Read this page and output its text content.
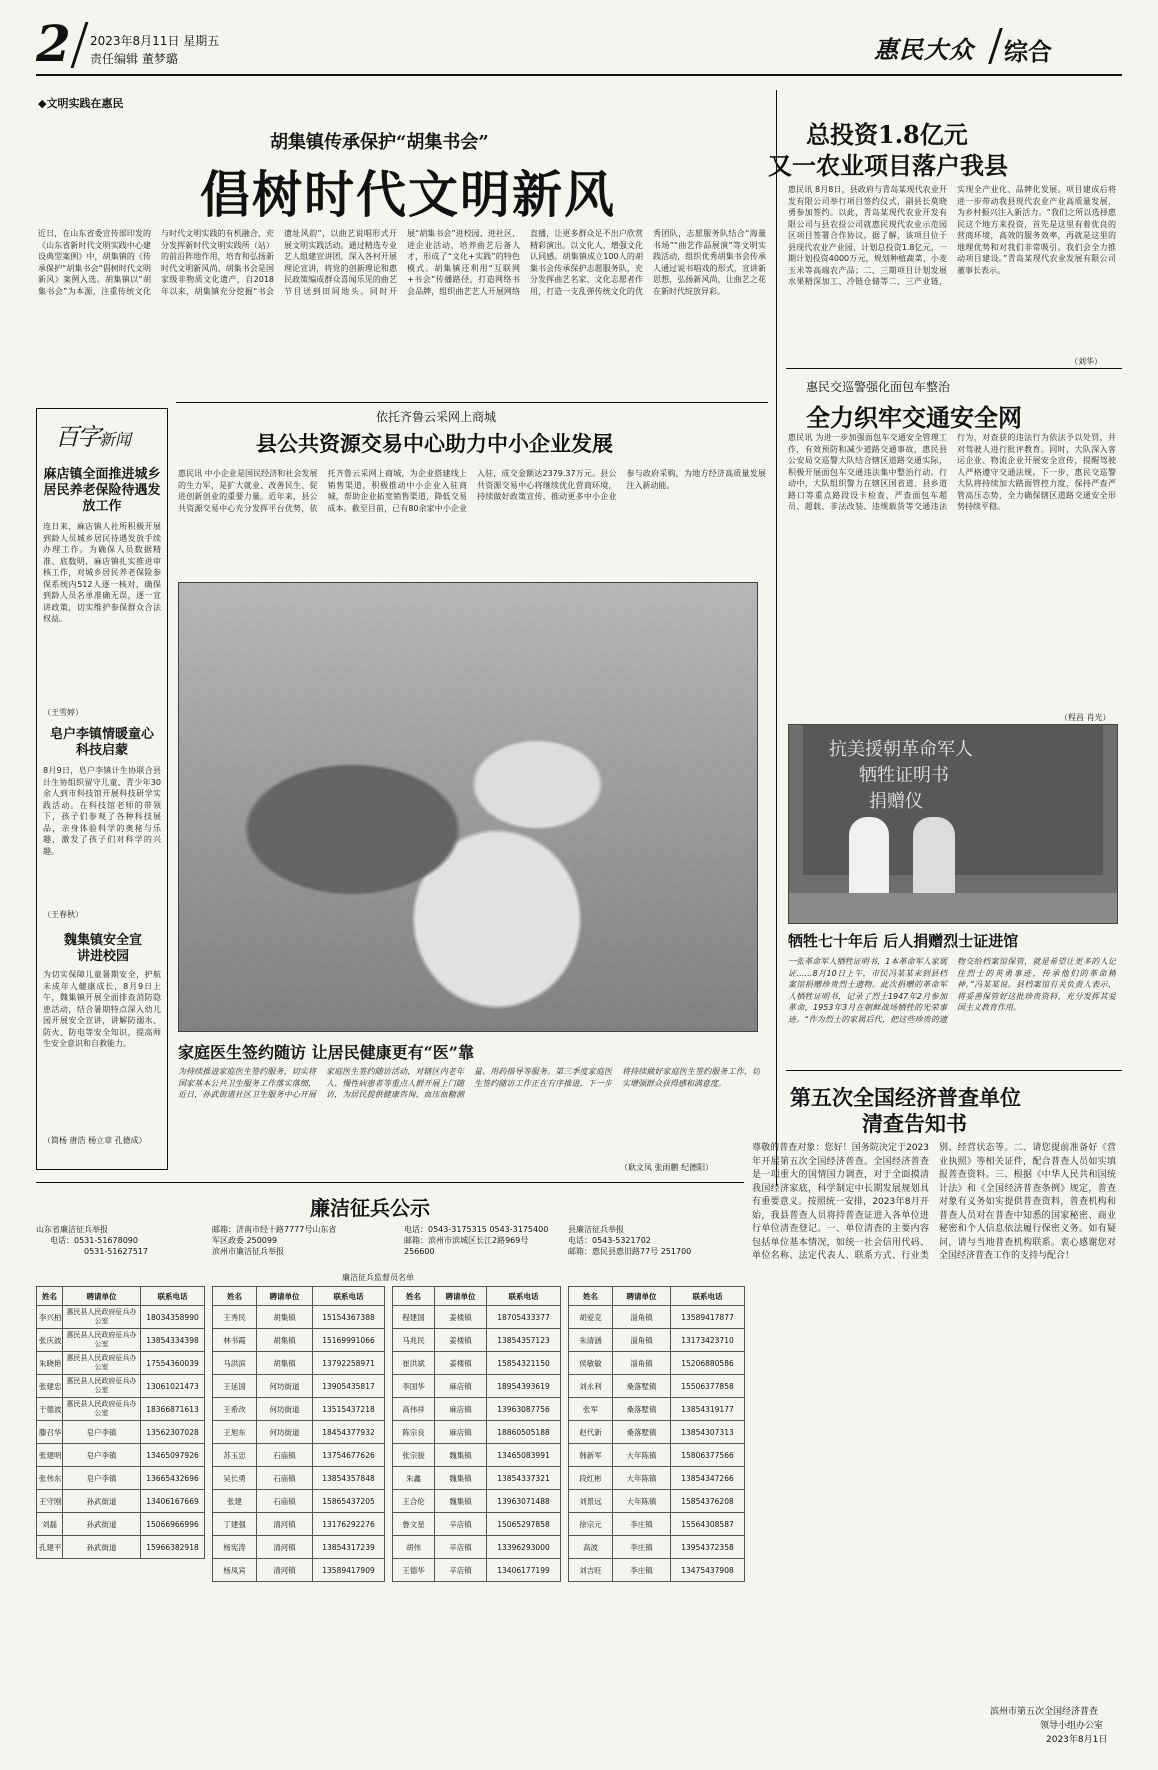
2 2023年8月11日 星期五
责任编辑 董梦璐	惠民大众 综合
◆文明实践在惠民
胡集镇传承保护“胡集书会”
倡树时代文明新风
近日，在山东省委宣传部印发的《山东省新时代文明实践中心建设典型案例》中，胡集镇的《传承保护“胡集书会”倡树时代文明新风》案例入选。胡集镇以“胡集书会”为本源，注重传统文化与时代文明实践的有机融合，充分发挥新时代文明实践所（站）的前沿阵地作用，培育和弘扬新时代文明新风尚。胡集书会是国家级非物质文化遗产，自2018年以来，胡集镇充分挖掘“书会遗址风韵”，以曲艺说唱形式开展文明实践活动。通过精选专业艺人组建宣讲团，深入各村开展理论宣讲，将党的创新理论和惠民政策编成群众喜闻乐见的曲艺节目送到田间地头。同时开展“胡集书会”进校园、进社区、进企业活动，培养曲艺后备人才，形成了“文化+实践”的特色模式。胡集镇还利用“互联网+书会”传播路径，打造网络书会品牌，组织曲艺艺人开展网络直播，让更多群众足不出户欣赏精彩演出。以文化人，增强文化认同感。胡集镇成立100人的胡集书会传承保护志愿服务队，充分发挥曲艺名家、文化志愿者作用，打造一支乱弹传统文化的优秀团队，志愿服务队结合“海量书场”“曲艺作品展演”等文明实践活动，组织优秀胡集书会传承人通过说书唱戏的形式，宣讲新思想，弘扬新风尚，让曲艺之花在新时代绽放异彩。
总投资1.8亿元
又一农业项目落户我县
惠民讯 8月8日，县政府与青岛某现代农业开发有限公司举行项目签约仪式，副县长莫晓勇参加签约。以此，青岛某现代农业开发有限公司与县农投公司就惠民现代农业示范园区项目签署合作协议。据了解，该项目位于县现代农业产业园，计划总投资1.8亿元，一期计划投资4000万元，规划种植蔬菜、小麦玉米等高端农产品；二、三期项目计划发展水果精深加工、冷链仓储等二、三产业链，实现全产业化、品牌化发展。项目建成后将进一步带动我县现代农业产业高质量发展，为乡村振兴注入新活力。“我们之所以选择惠民这个地方来投资，首先是这里有着优良的营商环境，高效的服务效率，再就是这里的地理优势和对我们非常吸引。我们会全力推动项目建设。”青岛某现代农业发展有限公司董事长表示。
（刘华）
百字新闻
麻店镇全面推进城乡居民养老保险待遇发放工作
连日来，麻店镇人社所积极开展到龄人员城乡居民待遇发放手续办理工作。为确保人员数据精准、底数明，麻店镇扎实推进审核工作，对城乡居民养老保险参保系统内512人逐一核对，确保到龄人员名单准确无误，逐一宣讲政策，切实维护参保群众合法权益。
（王雪婷）
皂户李镇情暖童心 科技启蒙
8月9日，皂户李镇计生协联合县计生协组织留守儿童、青少年30余人到市科技馆开展科技研学实践活动。在科技馆老师的带领下，孩子们参观了各种科技展品，亲身体验科学的奥秘与乐趣，激发了孩子们对科学的兴趣。
（王春秋）
魏集镇安全宣讲进校园
为切实保障儿童暑期安全，护航未成年人健康成长，8月9日上午，魏集镇开展全面排查消防隐患活动，结合暑期特点深入幼儿园开展安全宣讲，讲解防溺水、防火、防电等安全知识，提高师生安全意识和自救能力。
（简杨 唐浩 杨立章 孔德成）
依托齐鲁云采网上商城
县公共资源交易中心助力中小企业发展
惠民讯 中小企业是国民经济和社会发展的生力军，是扩大就业、改善民生、促进创新创业的重要力量。近年来，县公共资源交易中心充分发挥平台优势，依托齐鲁云采网上商城，为企业搭建线上销售渠道，积极推动中小企业入驻商城，帮助企业拓宽销售渠道，降低交易成本。截至目前，已有80余家中小企业入驻，成交金额达2379.37万元。县公共资源交易中心将继续优化营商环境，持续做好政策宣传，推动更多中小企业参与政府采购，为地方经济高质量发展注入新动能。
家庭医生签约随访 让居民健康更有“医”靠
为持续推进家庭医生签约服务，切实将国家基本公共卫生服务工作落实落细，近日，孙武街道社区卫生服务中心开展家庭医生签约随访活动，对辖区内老年人、慢性病患者等重点人群开展上门随访，为居民提供健康咨询、血压血糖测量、用药指导等服务。第三季度家庭医生签约随访工作正在有序推进，下一步将持续做好家庭医生签约服务工作，切实增强群众获得感和满意度。
（耿文凤 张雨鹏 纪德阳）
惠民交巡警强化面包车整治
全力织牢交通安全网
惠民讯 为进一步加强面包车交通安全管理工作，有效预防和减少道路交通事故，惠民县公安局交巡警大队结合辖区道路交通实际，积极开展面包车交通违法集中整治行动。行动中，大队组织警力在辖区国省道、县乡道路口等重点路段设卡检查，严查面包车超员、超载、非法改装、违规载货等交通违法行为，对查获的违法行为依法予以处罚，并对驾驶人进行批评教育。同时，大队深入客运企业、物流企业开展安全宣传，提醒驾驶人严格遵守交通法规。下一步，惠民交巡警大队将持续加大路面管控力度，保持严查严管高压态势，全力确保辖区道路交通安全形势持续平稳。
（程昌 肖光）
抗美援朝革命军人
牺牲证明书
捐赠仪
牺牲七十年后 后人捐赠烈士证进馆
一张革命军人牺牲证明书，1本革命军人家属证……8月10日上午，市民冯某某来到县档案馆捐赠珍贵烈士遗物。此次捐赠的革命军人牺牲证明书，记录了烈士1947年2月参加革命，1953年3月在朝鲜战场牺牲的光荣事迹。“作为烈士的家属后代，把这些珍贵的遗物交给档案馆保管，就是希望让更多的人记住烈士的英勇事迹，传承他们的革命精神。”冯某某说。县档案馆有关负责人表示，将妥善保管好这批珍贵资料，充分发挥其爱国主义教育作用。
第五次全国经济普查单位
清查告知书
尊敬的普查对象：您好！国务院决定于2023年开展第五次全国经济普查。全国经济普查是一项重大的国情国力调查，对于全面摸清我国经济家底，科学制定中长期发展规划具有重要意义。按照统一安排，2023年8月开始，我县普查人员将持普查证进入各单位进行单位清查登记。一、单位清查的主要内容包括单位基本情况，如统一社会信用代码、单位名称、法定代表人、联系方式、行业类别、经营状态等。二、请您提前准备好《营业执照》等相关证件，配合普查人员如实填报普查资料。三、根据《中华人民共和国统计法》和《全国经济普查条例》规定，普查对象有义务如实提供普查资料，普查机构和普查人员对在普查中知悉的国家秘密、商业秘密和个人信息依法履行保密义务。如有疑问，请与当地普查机构联系。衷心感谢您对全国经济普查工作的支持与配合！
滨州市第五次全国经济普查
领导小组办公室
2023年8月1日
廉洁征兵公示
山东省廉洁征兵举报
电话：0531-51678090
0531-51627517
邮箱：济南市经十路7777号山东省
军区政委 250099
滨州市廉洁征兵举报
电话：0543-3175315 0543-3175400
邮箱：滨州市滨城区长江2路969号
256600
县廉洁征兵举报
电话：0543-5321702
邮箱：惠民县惠旧路77号 251700
廉洁征兵监督员名单
姓名	聘请单位	联系电话
李兴柏	惠民县人民政府征兵办公室	18034358990
张庆波	惠民县人民政府征兵办公室	13854334398
朱晓艳	惠民县人民政府征兵办公室	17554360039
张建忠	惠民县人民政府征兵办公室	13061021473
于德波	惠民县人民政府征兵办公室	18366871613
滕召华	皂户李镇	13562307028
张建明	皂户李镇	13465097926
张伟东	皂户李镇	13665432696
王守刚	孙武街道	13406167669
刘磊	孙武街道	15066966996
孔建平	孙武街道	15966382918
姓名	聘请单位	联系电话
王秀民	胡集镇	15154367388
林书霞	胡集镇	15169991066
马洪滨	胡集镇	13792258971
王延国	何坊街道	13905435817
王希改	何坊街道	13515437218
王旭东	何坊街道	18454377932
苏玉忠	石庙镇	13754677626
吴长勇	石庙镇	13854357848
张建	石庙镇	15865437205
丁建强	清河镇	13176292276
杨宪涛	清河镇	13854317239
杨凤宾	清河镇	13589417909
姓名	聘请单位	联系电话
程建国	姜楼镇	18705433377
马兆民	姜楼镇	13854357123
崔洪斌	姜楼镇	15854321150
李国华	麻店镇	18954393619
高伟祥	麻店镇	13963087756
陈宗良	麻店镇	18860505188
张宗骏	魏集镇	13465083991
朱鑫	魏集镇	13854337321
王合伦	魏集镇	13963071488
鲁文星	辛店镇	15065297858
胡伟	辛店镇	13396293000
王德华	辛店镇	13406177199
姓名	聘请单位	联系电话
胡爱克	淄角镇	13589417877
朱清涵	淄角镇	13173423710
侯敏敏	淄角镇	15206880586
刘永利	桑落墅镇	15506377858
张军	桑落墅镇	13854319177
赵代新	桑落墅镇	13854307313
韩新军	大年陈镇	15806377566
段红彬	大年陈镇	13854347266
刘景远	大年陈镇	15854376208
徐宗元	李庄镇	15564308587
高波	李庄镇	13954372358
刘吉旺	李庄镇	13475437908
